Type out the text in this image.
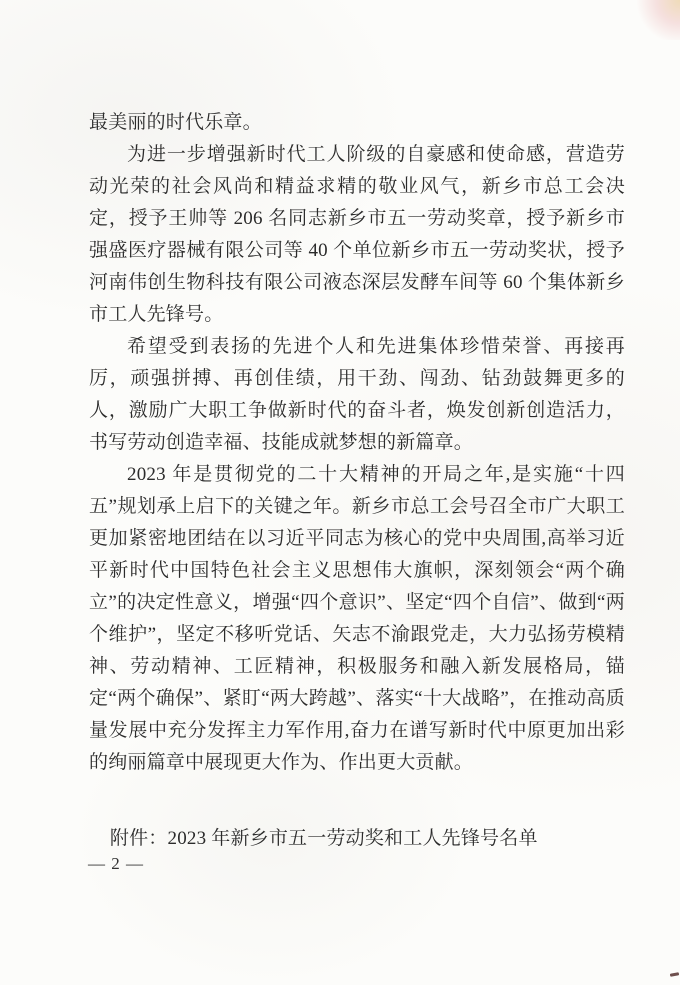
最美丽的时代乐章。

为进一步增强新时代工人阶级的自豪感和使命感，营造劳动光荣的社会风尚和精益求精的敬业风气，新乡市总工会决定，授予王帅等 206 名同志新乡市五一劳动奖章，授予新乡市强盛医疗器械有限公司等 40 个单位新乡市五一劳动奖状，授予河南伟创生物科技有限公司液态深层发酵车间等 60 个集体新乡市工人先锋号。

希望受到表扬的先进个人和先进集体珍惜荣誉、再接再厉，顽强拼搏、再创佳绩，用干劲、闯劲、钻劲鼓舞更多的人，激励广大职工争做新时代的奋斗者，焕发创新创造活力，书写劳动创造幸福、技能成就梦想的新篇章。

2023 年是贯彻党的二十大精神的开局之年,是实施“十四五”规划承上启下的关键之年。新乡市总工会号召全市广大职工更加紧密地团结在以习近平同志为核心的党中央周围,高举习近平新时代中国特色社会主义思想伟大旗帜，深刻领会“两个确立”的决定性意义，增强“四个意识”、坚定“四个自信”、做到“两个维护”，坚定不移听党话、矢志不渝跟党走，大力弘扬劳模精神、劳动精神、工匠精神，积极服务和融入新发展格局，锚定“两个确保”、紧盯“两大跨越”、落实“十大战略”，在推动高质量发展中充分发挥主力军作用,奋力在谱写新时代中原更加出彩的绚丽篇章中展现更大作为、作出更大贡献。

附件：2023 年新乡市五一劳动奖和工人先锋号名单
— 2 —
